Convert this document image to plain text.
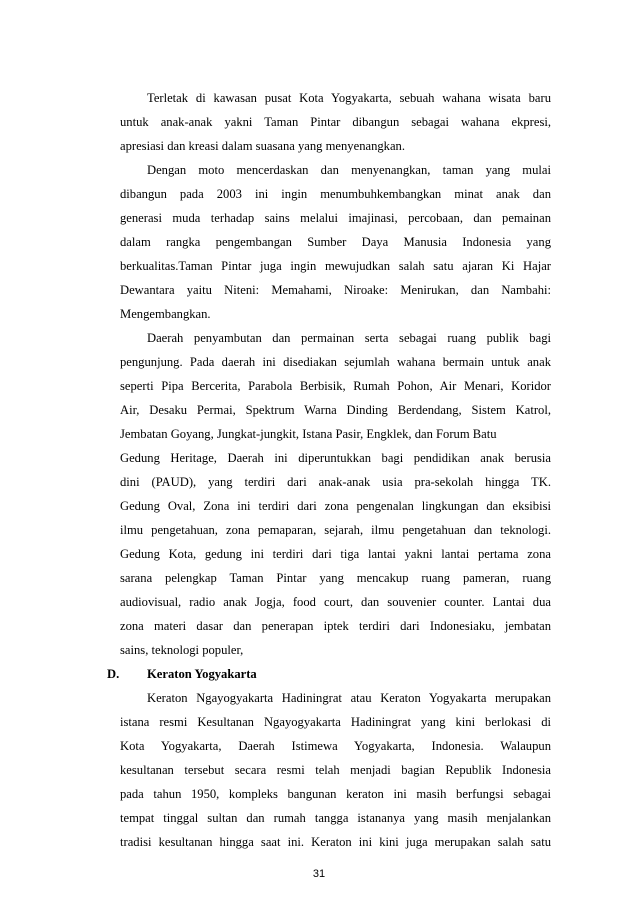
Terletak di kawasan pusat Kota Yogyakarta, sebuah wahana wisata baru
untuk anak-anak yakni Taman Pintar dibangun sebagai wahana ekpresi,
apresiasi dan kreasi dalam suasana yang menyenangkan.
Dengan moto mencerdaskan dan menyenangkan, taman yang mulai
dibangun pada 2003 ini ingin menumbuhkembangkan minat anak dan
generasi muda terhadap sains melalui imajinasi, percobaan, dan pemainan
dalam rangka pengembangan Sumber Daya Manusia Indonesia yang
berkualitas.Taman Pintar juga ingin mewujudkan salah satu ajaran Ki Hajar
Dewantara yaitu Niteni: Memahami, Niroake: Menirukan, dan Nambahi:
Mengembangkan.
Daerah penyambutan dan permainan serta sebagai ruang publik bagi
pengunjung. Pada daerah ini disediakan sejumlah wahana bermain untuk anak
seperti Pipa Bercerita, Parabola Berbisik, Rumah Pohon, Air Menari, Koridor
Air, Desaku Permai, Spektrum Warna Dinding Berdendang, Sistem Katrol,
Jembatan Goyang, Jungkat-jungkit, Istana Pasir, Engklek, dan Forum Batu
Gedung Heritage, Daerah ini diperuntukkan bagi pendidikan anak berusia
dini (PAUD), yang terdiri dari anak-anak usia pra-sekolah hingga TK.
Gedung Oval, Zona ini terdiri dari zona pengenalan lingkungan dan eksibisi
ilmu pengetahuan, zona pemaparan, sejarah, ilmu pengetahuan dan teknologi.
Gedung Kota, gedung ini terdiri dari tiga lantai yakni lantai pertama zona
sarana pelengkap Taman Pintar yang mencakup ruang pameran, ruang
audiovisual, radio anak Jogja, food court, dan souvenier counter. Lantai dua
zona materi dasar dan penerapan iptek terdiri dari Indonesiaku, jembatan
sains, teknologi populer,
D. Keraton Yogyakarta
Keraton Ngayogyakarta Hadiningrat atau Keraton Yogyakarta merupakan
istana resmi Kesultanan Ngayogyakarta Hadiningrat yang kini berlokasi di
Kota Yogyakarta, Daerah Istimewa Yogyakarta, Indonesia. Walaupun
kesultanan tersebut secara resmi telah menjadi bagian Republik Indonesia
pada tahun 1950, kompleks bangunan keraton ini masih berfungsi sebagai
tempat tinggal sultan dan rumah tangga istananya yang masih menjalankan
tradisi kesultanan hingga saat ini. Keraton ini kini juga merupakan salah satu
31
